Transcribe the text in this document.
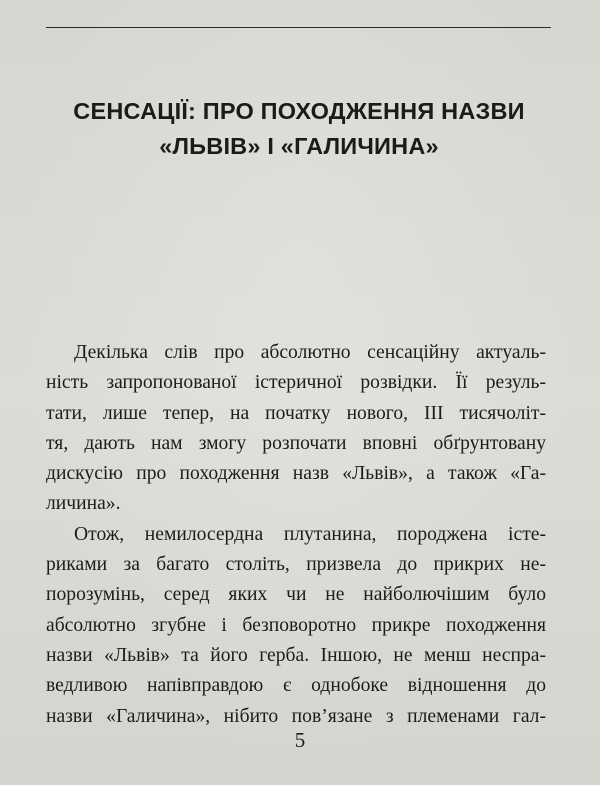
СЕНСАЦІЇ: ПРО ПОХОДЖЕННЯ НАЗВИ
«ЛЬВІВ» І «ГАЛИЧИНА»
Декілька слів про абсолютно сенсаційну актуаль-
ність запропонованої істеричної розвідки. Її резуль-
тати, лише тепер, на початку нового, III тисячоліт-
тя, дають нам змогу розпочати вповні обґрунтовану
дискусію про походження назв «Львів», а також «Га-
личина».
Отож, немилосердна плутанина, породжена істе-
риками за багато століть, призвела до прикрих не-
порозумінь, серед яких чи не найболючішим було
абсолютно згубне і безповоротно прикре походження
назви «Львів» та його герба. Іншою, не менш неспра-
ведливою напівправдою є однобоке відношення до
назви «Галичина», нібито пов’язане з племенами гал-
5
